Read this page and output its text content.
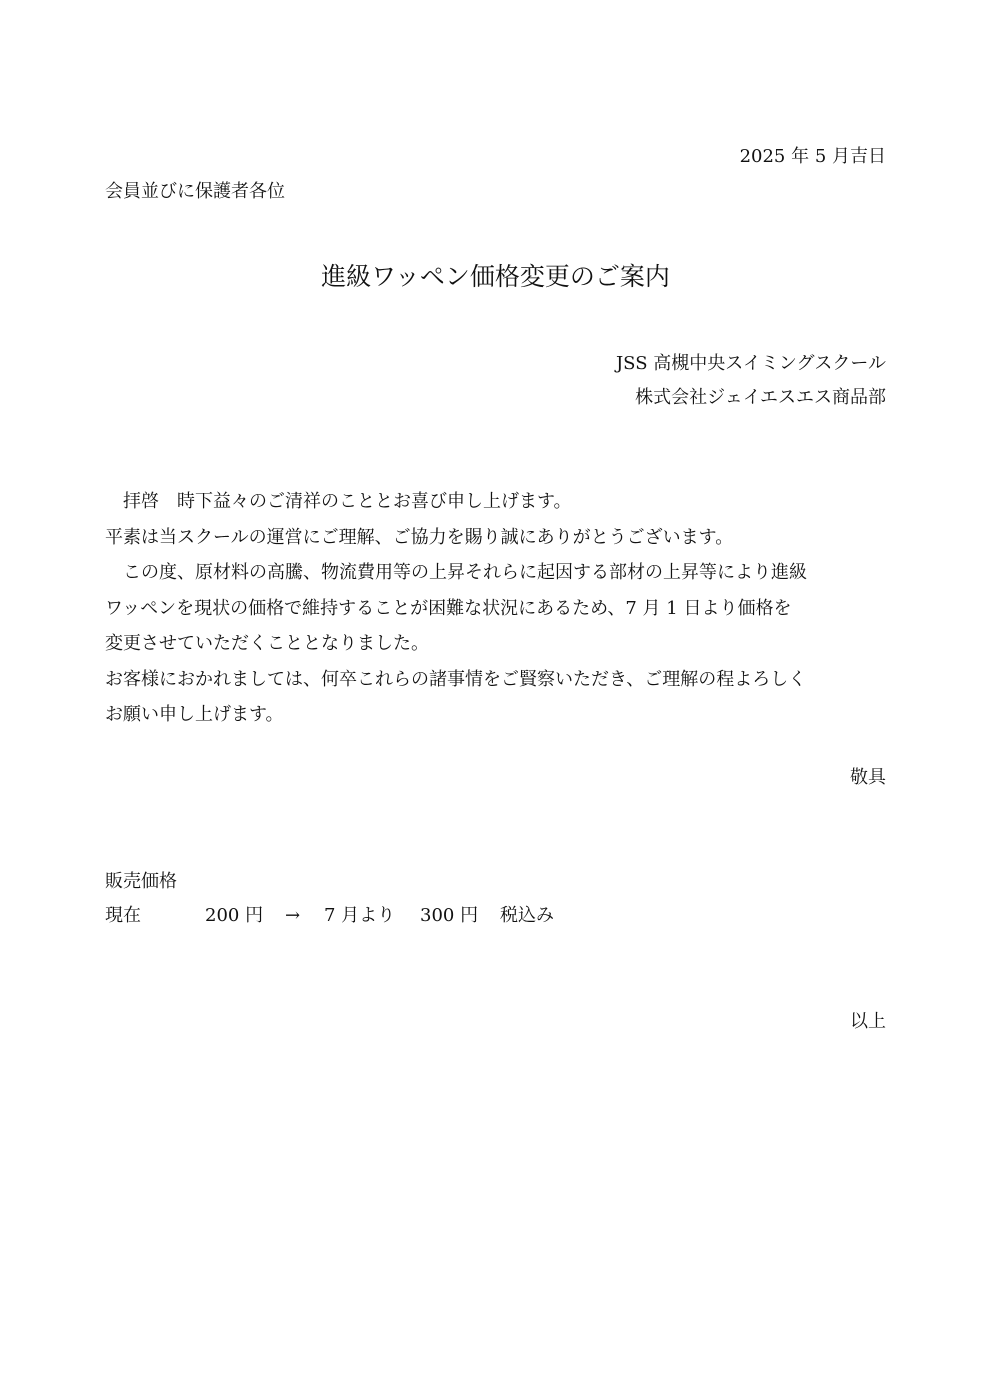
2025 年 5 月吉日
会員並びに保護者各位
進級ワッペン価格変更のご案内
JSS 高槻中央スイミングスクール
株式会社ジェイエスエス商品部
　拝啓　時下益々のご清祥のこととお喜び申し上げます。
平素は当スクールの運営にご理解、ご協力を賜り誠にありがとうございます。
　この度、原材料の高騰、物流費用等の上昇それらに起因する部材の上昇等により進級
ワッペンを現状の価格で維持することが困難な状況にあるため、7 月 1 日より価格を
変更させていただくこととなりました。
お客様におかれましては、何卒これらの諸事情をご賢察いただき、ご理解の程よろしく
お願い申し上げます。
敬具
販売価格
現在	200 円 → 7 月より 300 円 税込み
以上
